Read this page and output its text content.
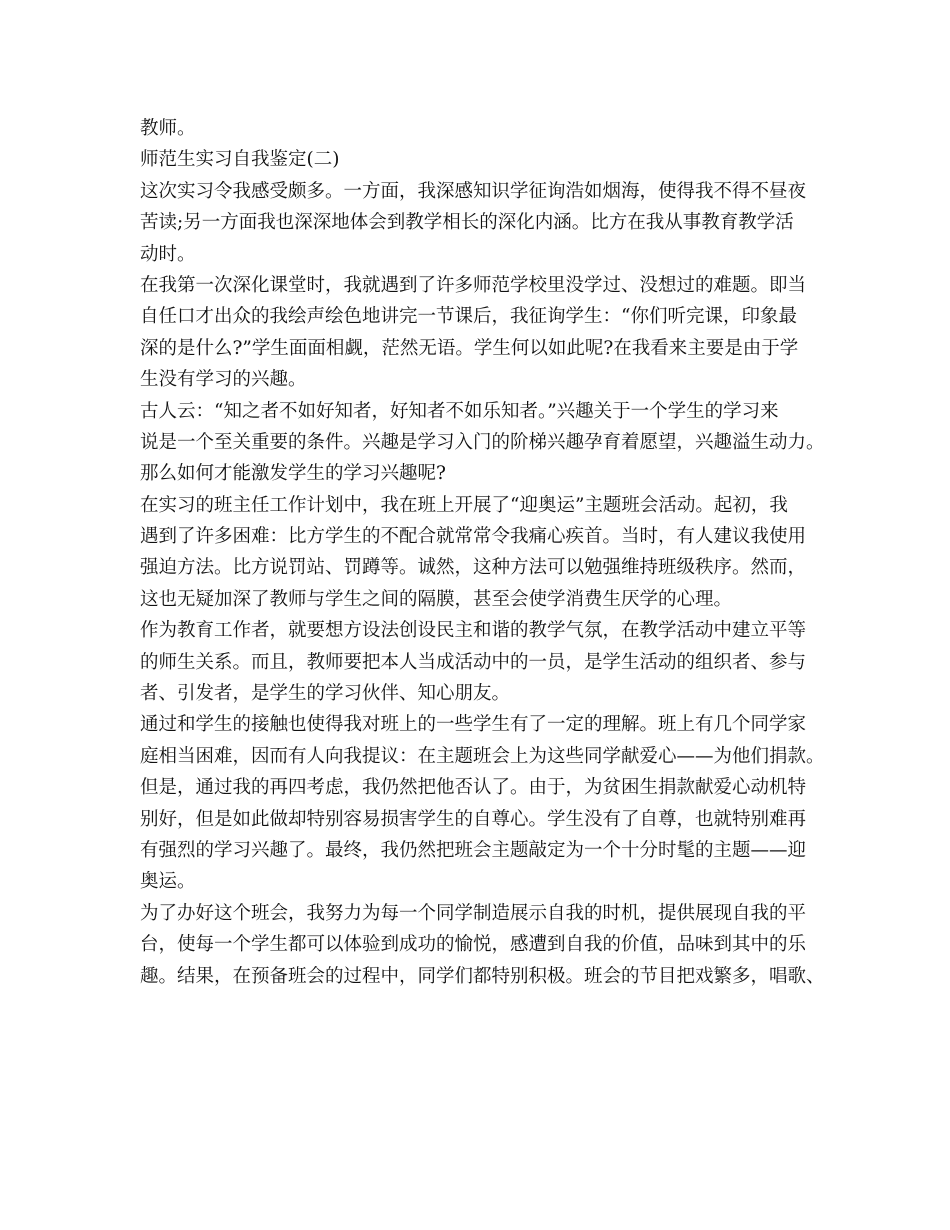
教师。
师范生实习自我鉴定(二)
这次实习令我感受颇多。一方面，我深感知识学征询浩如烟海，使得我不得不昼夜
苦读;另一方面我也深深地体会到教学相长的深化内涵。比方在我从事教育教学活
动时。
在我第一次深化课堂时，我就遇到了许多师范学校里没学过、没想过的难题。即当
自任口才出众的我绘声绘色地讲完一节课后，我征询学生：“你们听完课，印象最
深的是什么?”学生面面相觑，茫然无语。学生何以如此呢?在我看来主要是由于学
生没有学习的兴趣。
古人云：“知之者不如好知者，好知者不如乐知者。”兴趣关于一个学生的学习来
说是一个至关重要的条件。兴趣是学习入门的阶梯兴趣孕育着愿望，兴趣溢生动力。
那么如何才能激发学生的学习兴趣呢?
在实习的班主任工作计划中，我在班上开展了“迎奥运”主题班会活动。起初，我
遇到了许多困难：比方学生的不配合就常常令我痛心疾首。当时，有人建议我使用
强迫方法。比方说罚站、罚蹲等。诚然，这种方法可以勉强维持班级秩序。然而，
这也无疑加深了教师与学生之间的隔膜，甚至会使学消费生厌学的心理。
作为教育工作者，就要想方设法创设民主和谐的教学气氛，在教学活动中建立平等
的师生关系。而且，教师要把本人当成活动中的一员，是学生活动的组织者、参与
者、引发者，是学生的学习伙伴、知心朋友。
通过和学生的接触也使得我对班上的一些学生有了一定的理解。班上有几个同学家
庭相当困难，因而有人向我提议：在主题班会上为这些同学献爱心——为他们捐款。
但是，通过我的再四考虑，我仍然把他否认了。由于，为贫困生捐款献爱心动机特
别好，但是如此做却特别容易损害学生的自尊心。学生没有了自尊，也就特别难再
有强烈的学习兴趣了。最终，我仍然把班会主题敲定为一个十分时髦的主题——迎
奥运。
为了办好这个班会，我努力为每一个同学制造展示自我的时机，提供展现自我的平
台，使每一个学生都可以体验到成功的愉悦，感遭到自我的价值，品味到其中的乐
趣。结果，在预备班会的过程中，同学们都特别积极。班会的节目把戏繁多，唱歌、
